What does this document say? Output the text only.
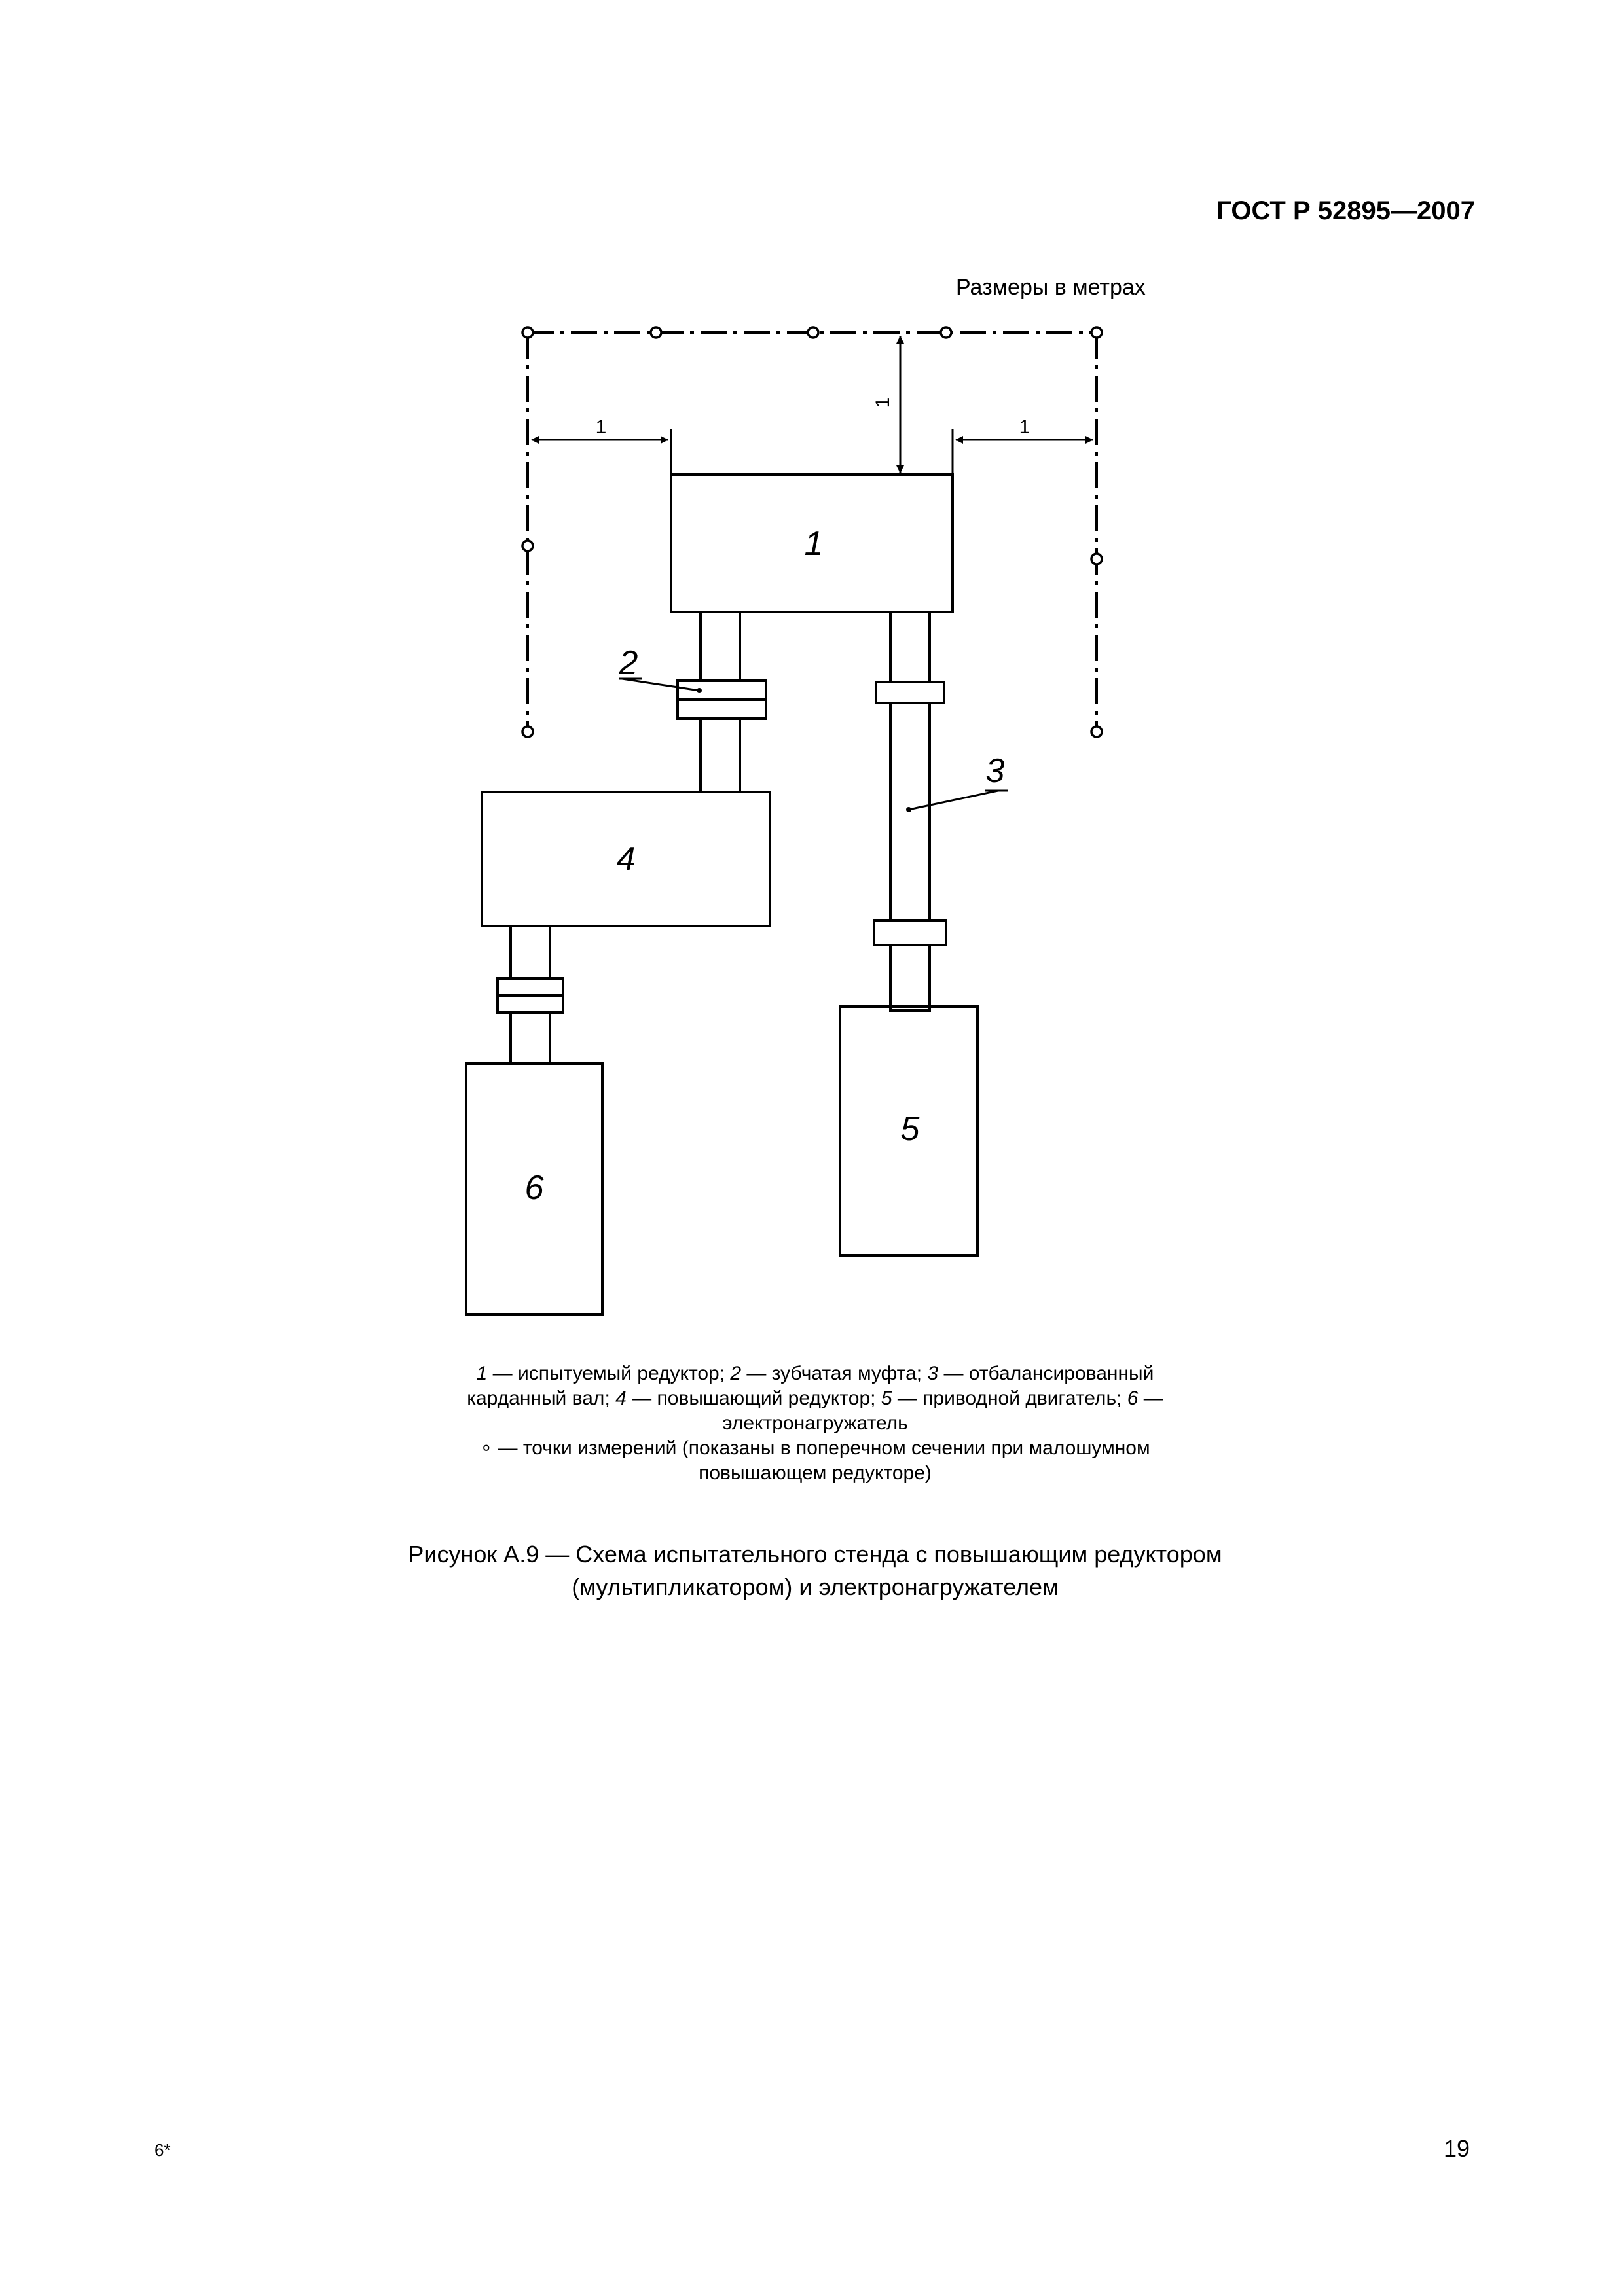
ГОСТ Р 52895—2007
Размеры в метрах
1	1
1
1
2
3
4
5
6
1 — испытуемый редуктор; 2 — зубчатая муфта; 3 — отбалансированный карданный вал; 4 — повышающий редуктор; 5 — приводной двигатель; 6 — электронагружатель
∘ — точки измерений (показаны в поперечном сечении при малошумном повышающем редукторе)
Рисунок А.9 — Схема испытательного стенда с повышающим редуктором
(мультипликатором) и электронагружателем
6*	19
